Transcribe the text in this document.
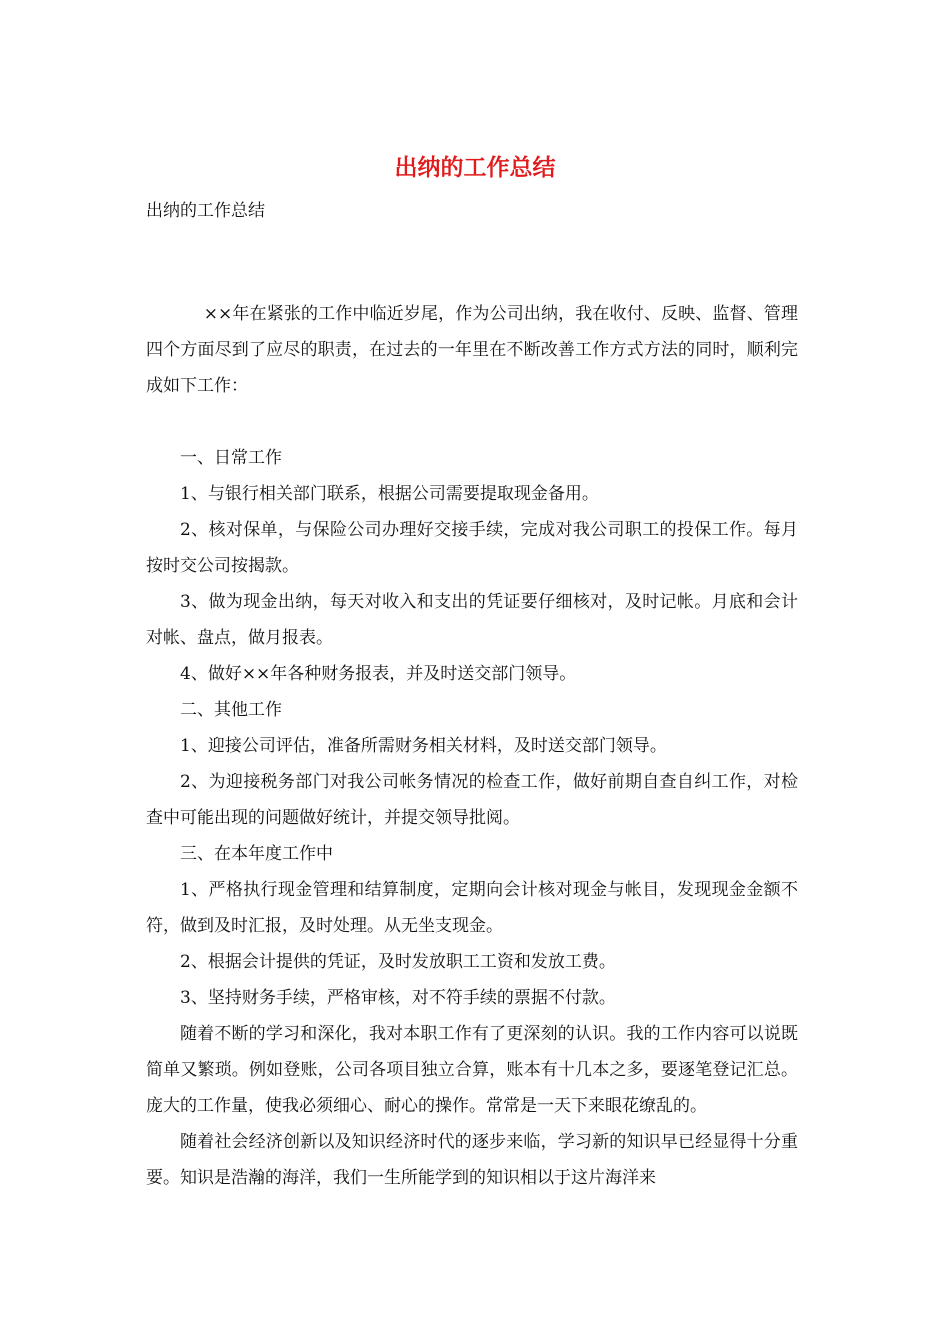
出纳的工作总结
出纳的工作总结

××年在紧张的工作中临近岁尾，作为公司出纳，我在收付、反映、监督、管理四个方面尽到了应尽的职责，在过去的一年里在不断改善工作方式方法的同时，顺利完成如下工作：

一、日常工作

1、与银行相关部门联系，根据公司需要提取现金备用。

2、核对保单，与保险公司办理好交接手续，完成对我公司职工的投保工作。每月按时交公司按揭款。

3、做为现金出纳，每天对收入和支出的凭证要仔细核对，及时记帐。月底和会计对帐、盘点，做月报表。

4、做好××年各种财务报表，并及时送交部门领导。

二、其他工作

1、迎接公司评估，准备所需财务相关材料，及时送交部门领导。

2、为迎接税务部门对我公司帐务情况的检查工作，做好前期自查自纠工作，对检查中可能出现的问题做好统计，并提交领导批阅。

三、在本年度工作中

1、严格执行现金管理和结算制度，定期向会计核对现金与帐目，发现现金金额不符，做到及时汇报，及时处理。从无坐支现金。

2、根据会计提供的凭证，及时发放职工工资和发放工费。

3、坚持财务手续，严格审核，对不符手续的票据不付款。

随着不断的学习和深化，我对本职工作有了更深刻的认识。我的工作内容可以说既简单又繁琐。例如登账，公司各项目独立合算，账本有十几本之多，要逐笔登记汇总。庞大的工作量，使我必须细心、耐心的操作。常常是一天下来眼花缭乱的。

随着社会经济创新以及知识经济时代的逐步来临，学习新的知识早已经显得十分重要。知识是浩瀚的海洋，我们一生所能学到的知识相以于这片海洋来
